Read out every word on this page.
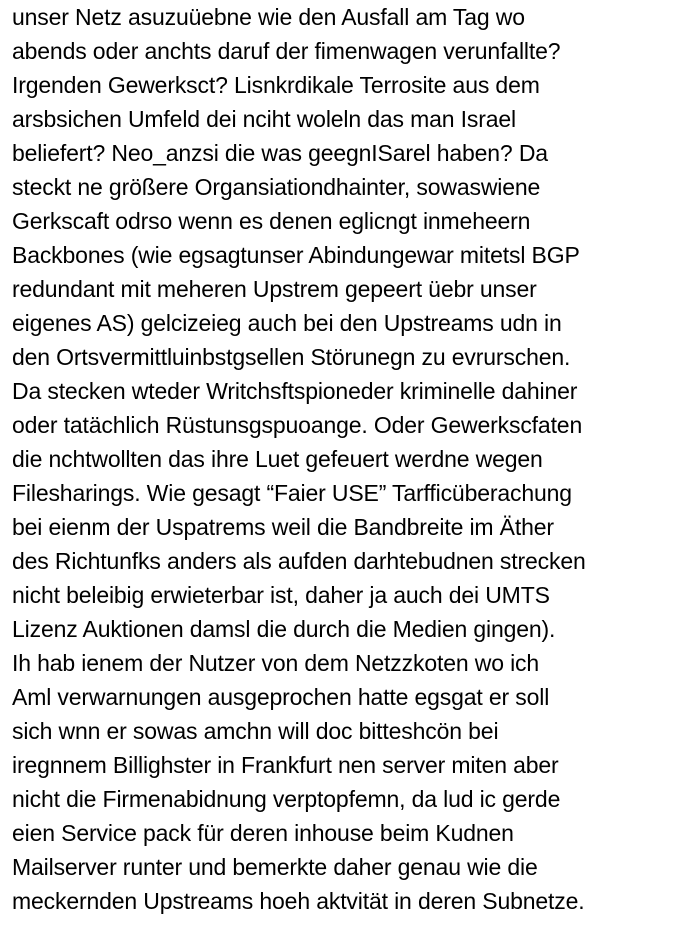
unser Netz asuzuüebne wie den Ausfall am Tag wo
abends oder anchts daruf der fimenwagen verunfallte?
Irgenden Gewerksct? Lisnkrdikale Terrosite aus dem
arsbsichen Umfeld dei nciht woleln das man Israel
beliefert? Neo_anzsi die was geegnISarel haben? Da
steckt ne größere Organsiationdhainter, sowaswiene
Gerkscaft odrso wenn es denen eglicngt inmeheern
Backbones (wie egsagtunser Abindungewar mitetsl BGP
redundant mit meheren Upstrem gepeert üebr unser
eigenes AS) gelcizeieg auch bei den Upstreams udn in
den Ortsvermittluinbstgsellen Störunegn zu evrurschen.
Da stecken wteder Writchsftspioneder kriminelle dahiner
oder tatächlich Rüstunsgspuoange. Oder Gewerkscfaten
die nchtwollten das ihre Luet gefeuert werdne wegen
Filesharings. Wie gesagt “Faier USE” Tarfficüberachung
bei eienm der Uspatrems weil die Bandbreite im Äther
des Richtunfks anders als aufden darhtebudnen strecken
nicht beleibig erwieterbar ist, daher ja auch dei UMTS
Lizenz Auktionen damsl die durch die Medien gingen).
Ih hab ienem der Nutzer von dem Netzzkoten wo ich
Aml verwarnungen ausgeprochen hatte egsgat er soll
sich wnn er sowas amchn will doc bitteshcön bei
iregnnem Billighster in Frankfurt nen server miten aber
nicht die Firmenabidnung verptopfemn, da lud ic gerde
eien Service pack für deren inhouse beim Kudnen
Mailserver runter und bemerkte daher genau wie die
meckernden Upstreams hoeh aktvität in deren Subnetze.
